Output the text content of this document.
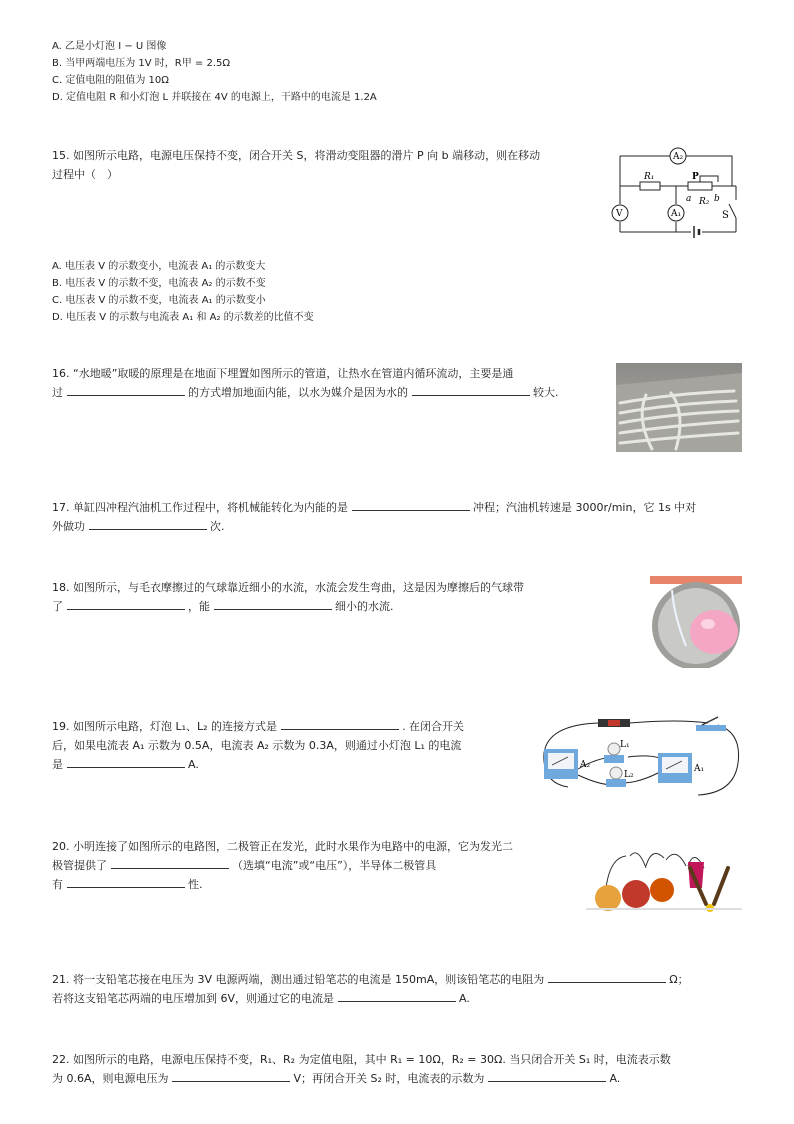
A. 乙是小灯泡 I − U 图像
B. 当甲两端电压为 1V 时，R甲 = 2.5Ω
C. 定值电阻的阻值为 10Ω
D. 定值电阻 R 和小灯泡 L 并联接在 4V 的电源上，干路中的电流是 1.2A
15. 如图所示电路，电源电压保持不变，闭合开关 S，将滑动变阻器的滑片 P 向 b 端移动，则在移动
过程中（　）
A₂
R₁	P
a R₂ b
V	A₁	S
A. 电压表 V 的示数变小，电流表 A₁ 的示数变大
B. 电压表 V 的示数不变，电流表 A₂ 的示数不变
C. 电压表 V 的示数不变，电流表 A₁ 的示数变小
D. 电压表 V 的示数与电流表 A₁ 和 A₂ 的示数差的比值不变
16. “水地暖”取暖的原理是在地面下埋置如图所示的管道，让热水在管道内循环流动，主要是通
过	的方式增加地面内能，以水为媒介是因为水的	较大.
17. 单缸四冲程汽油机工作过程中，将机械能转化为内能的是	冲程；汽油机转速是 3000r/min，它 1s 中对
外做功	次.
18. 如图所示，与毛衣摩擦过的气球靠近细小的水流，水流会发生弯曲，这是因为摩擦后的气球带
了	，能	细小的水流.
19. 如图所示电路，灯泡 L₁、L₂ 的连接方式是	. 在闭合开关
后，如果电流表 A₁ 示数为 0.5A，电流表 A₂ 示数为 0.3A，则通过小灯泡 L₁ 的电流
是	A.
L₁
L₂
A₂	A₁
20. 小明连接了如图所示的电路图，二极管正在发光，此时水果作为电路中的电源，它为发光二
极管提供了	（选填“电流”或“电压”），半导体二极管具
有	性.
21. 将一支铅笔芯接在电压为 3V 电源两端，测出通过铅笔芯的电流是 150mA，则该铅笔芯的电阻为	Ω；
若将这支铅笔芯两端的电压增加到 6V，则通过它的电流是	A.
22. 如图所示的电路，电源电压保持不变，R₁、R₂ 为定值电阻，其中 R₁ = 10Ω，R₂ = 30Ω. 当只闭合开关 S₁ 时，电流表示数
为 0.6A，则电源电压为	V；再闭合开关 S₂ 时，电流表的示数为	A.
